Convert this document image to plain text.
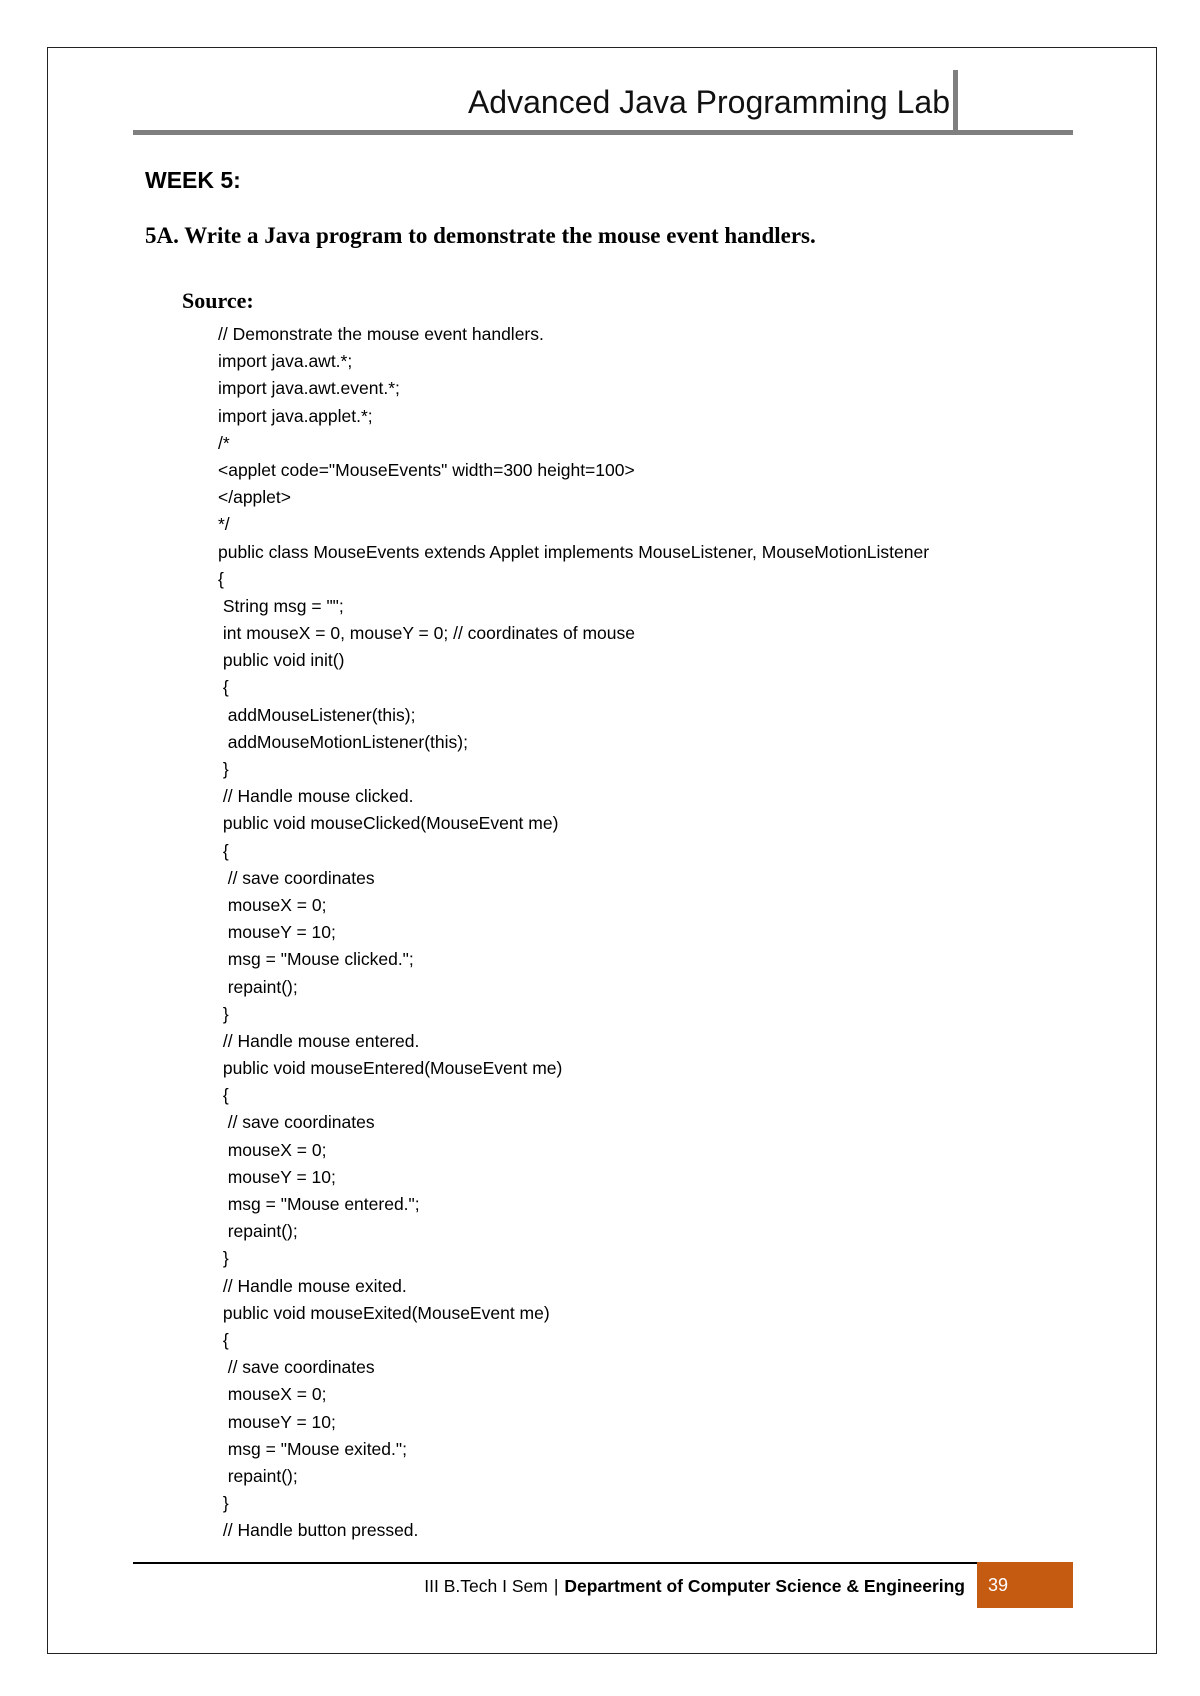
Advanced Java Programming Lab
WEEK 5:
5A. Write a Java program to demonstrate the mouse event handlers.
Source:
// Demonstrate the mouse event handlers.
import java.awt.*;
import java.awt.event.*;
import java.applet.*;
/*
<applet code="MouseEvents" width=300 height=100>
</applet>
*/
public class MouseEvents extends Applet implements MouseListener, MouseMotionListener
{
String msg = "";
int mouseX = 0, mouseY = 0; // coordinates of mouse
public void init()
{
addMouseListener(this);
addMouseMotionListener(this);
}
// Handle mouse clicked.
public void mouseClicked(MouseEvent me)
{
// save coordinates
mouseX = 0;
mouseY = 10;
msg = "Mouse clicked.";
repaint();
}
// Handle mouse entered.
public void mouseEntered(MouseEvent me)
{
// save coordinates
mouseX = 0;
mouseY = 10;
msg = "Mouse entered.";
repaint();
}
// Handle mouse exited.
public void mouseExited(MouseEvent me)
{
// save coordinates
mouseX = 0;
mouseY = 10;
msg = "Mouse exited.";
repaint();
}
// Handle button pressed.
III B.Tech I Sem | Department of Computer Science & Engineering	39
